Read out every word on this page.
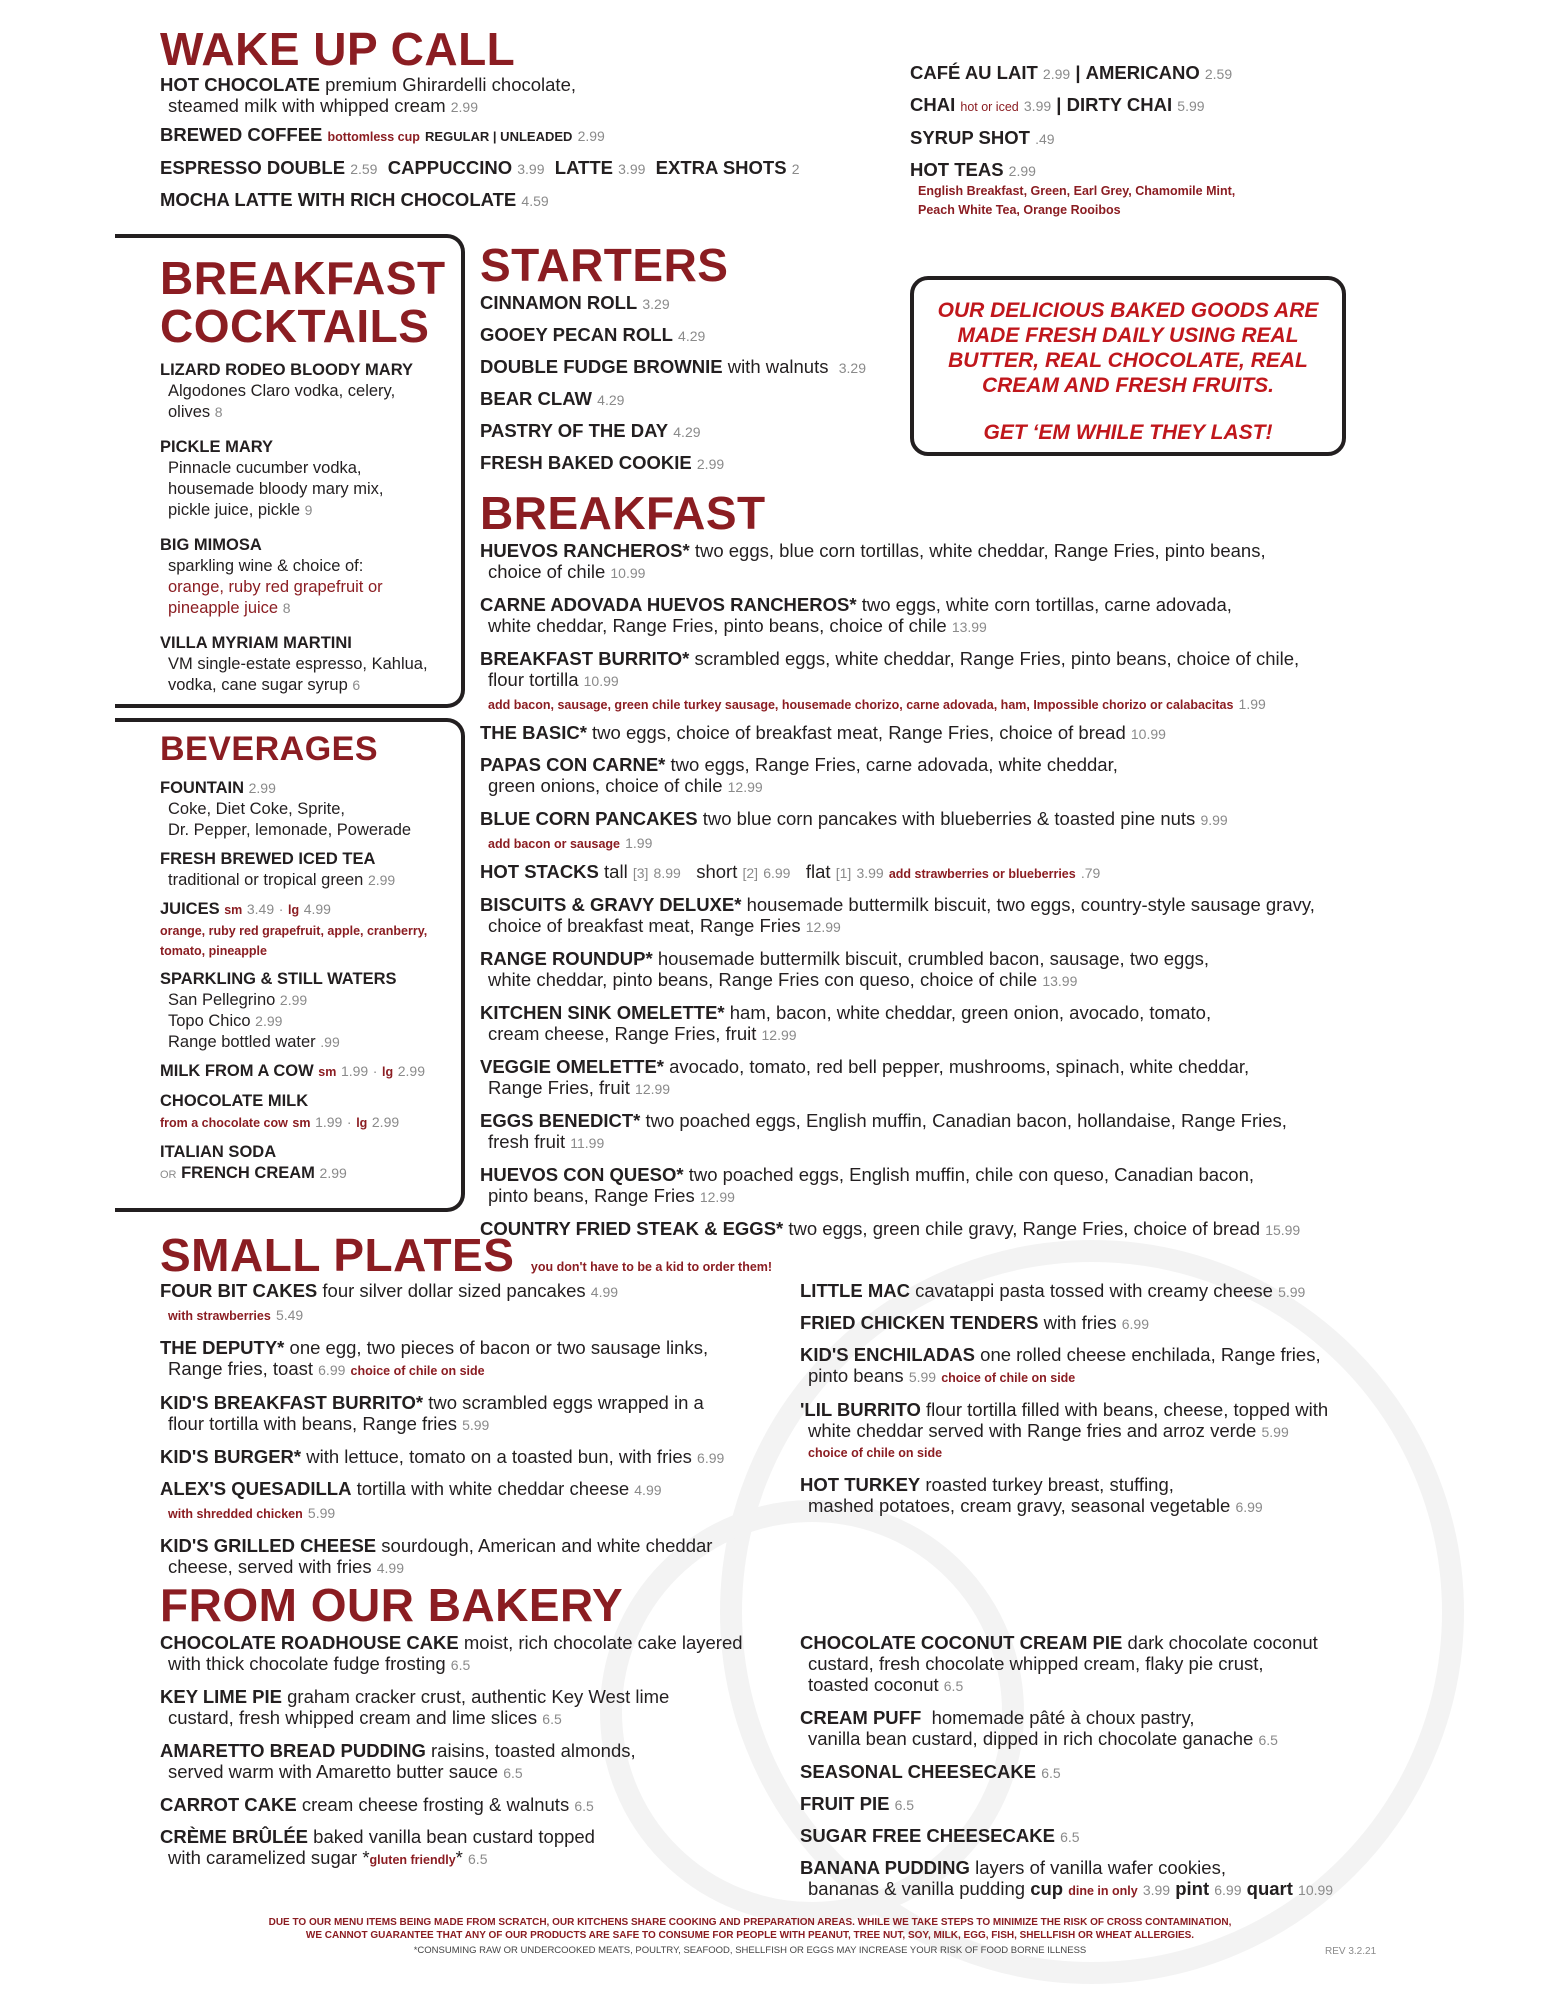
WAKE UP CALL
HOT CHOCOLATE premium Ghirardelli chocolate,
steamed milk with whipped cream 2.99
BREWED COFFEE bottomless cup REGULAR | UNLEADED 2.99
ESPRESSO DOUBLE 2.59 CAPPUCCINO 3.99 LATTE 3.99 EXTRA SHOTS 2
MOCHA LATTE WITH RICH CHOCOLATE 4.59
CAFÉ AU LAIT 2.99 | AMERICANO 2.59
CHAI hot or iced 3.99 | DIRTY CHAI 5.99
SYRUP SHOT .49
HOT TEAS 2.99
English Breakfast, Green, Earl Grey, Chamomile Mint,
Peach White Tea, Orange Rooibos
BREAKFAST
COCKTAILS
LIZARD RODEO BLOODY MARY
Algodones Claro vodka, celery,
olives 8
PICKLE MARY
Pinnacle cucumber vodka,
housemade bloody mary mix,
pickle juice, pickle 9
BIG MIMOSA
sparkling wine & choice of:
orange, ruby red grapefruit or
pineapple juice 8
VILLA MYRIAM MARTINI
VM single-estate espresso, Kahlua,
vodka, cane sugar syrup 6
BEVERAGES
FOUNTAIN 2.99
Coke, Diet Coke, Sprite,
Dr. Pepper, lemonade, Powerade
FRESH BREWED ICED TEA
traditional or tropical green 2.99
JUICES sm 3.49 · lg 4.99
orange, ruby red grapefruit, apple, cranberry,
tomato, pineapple
SPARKLING & STILL WATERS
San Pellegrino 2.99
Topo Chico 2.99
Range bottled water .99
MILK FROM A COW sm 1.99 · lg 2.99
CHOCOLATE MILK
from a chocolate cow sm 1.99 · lg 2.99
ITALIAN SODA
OR FRENCH CREAM 2.99
STARTERS
CINNAMON ROLL 3.29
GOOEY PECAN ROLL 4.29
DOUBLE FUDGE BROWNIE with walnuts 3.29
BEAR CLAW 4.29
PASTRY OF THE DAY 4.29
FRESH BAKED COOKIE 2.99
OUR DELICIOUS BAKED GOODS ARE
MADE FRESH DAILY USING REAL
BUTTER, REAL CHOCOLATE, REAL
CREAM AND FRESH FRUITS.
GET ‘EM WHILE THEY LAST!
BREAKFAST
HUEVOS RANCHEROS* two eggs, blue corn tortillas, white cheddar, Range Fries, pinto beans,
choice of chile 10.99
CARNE ADOVADA HUEVOS RANCHEROS* two eggs, white corn tortillas, carne adovada,
white cheddar, Range Fries, pinto beans, choice of chile 13.99
BREAKFAST BURRITO* scrambled eggs, white cheddar, Range Fries, pinto beans, choice of chile,
flour tortilla 10.99
add bacon, sausage, green chile turkey sausage, housemade chorizo, carne adovada, ham, Impossible chorizo or calabacitas 1.99
THE BASIC* two eggs, choice of breakfast meat, Range Fries, choice of bread 10.99
PAPAS CON CARNE* two eggs, Range Fries, carne adovada, white cheddar,
green onions, choice of chile 12.99
BLUE CORN PANCAKES two blue corn pancakes with blueberries & toasted pine nuts 9.99
add bacon or sausage 1.99
HOT STACKS tall [3] 8.99 short [2] 6.99 flat [1] 3.99 add strawberries or blueberries .79
BISCUITS & GRAVY DELUXE* housemade buttermilk biscuit, two eggs, country-style sausage gravy,
choice of breakfast meat, Range Fries 12.99
RANGE ROUNDUP* housemade buttermilk biscuit, crumbled bacon, sausage, two eggs,
white cheddar, pinto beans, Range Fries con queso, choice of chile 13.99
KITCHEN SINK OMELETTE* ham, bacon, white cheddar, green onion, avocado, tomato,
cream cheese, Range Fries, fruit 12.99
VEGGIE OMELETTE* avocado, tomato, red bell pepper, mushrooms, spinach, white cheddar,
Range Fries, fruit 12.99
EGGS BENEDICT* two poached eggs, English muffin, Canadian bacon, hollandaise, Range Fries,
fresh fruit 11.99
HUEVOS CON QUESO* two poached eggs, English muffin, chile con queso, Canadian bacon,
pinto beans, Range Fries 12.99
COUNTRY FRIED STEAK & EGGS* two eggs, green chile gravy, Range Fries, choice of bread 15.99
SMALL PLATES you don't have to be a kid to order them!
FOUR BIT CAKES four silver dollar sized pancakes 4.99
with strawberries 5.49
THE DEPUTY* one egg, two pieces of bacon or two sausage links,
Range fries, toast 6.99 choice of chile on side
KID'S BREAKFAST BURRITO* two scrambled eggs wrapped in a
flour tortilla with beans, Range fries 5.99
KID'S BURGER* with lettuce, tomato on a toasted bun, with fries 6.99
ALEX'S QUESADILLA tortilla with white cheddar cheese 4.99
with shredded chicken 5.99
KID'S GRILLED CHEESE sourdough, American and white cheddar
cheese, served with fries 4.99
LITTLE MAC cavatappi pasta tossed with creamy cheese 5.99
FRIED CHICKEN TENDERS with fries 6.99
KID'S ENCHILADAS one rolled cheese enchilada, Range fries,
pinto beans 5.99 choice of chile on side
'LIL BURRITO flour tortilla filled with beans, cheese, topped with
white cheddar served with Range fries and arroz verde 5.99
choice of chile on side
HOT TURKEY roasted turkey breast, stuffing,
mashed potatoes, cream gravy, seasonal vegetable 6.99
FROM OUR BAKERY
CHOCOLATE ROADHOUSE CAKE moist, rich chocolate cake layered
with thick chocolate fudge frosting 6.5
KEY LIME PIE graham cracker crust, authentic Key West lime
custard, fresh whipped cream and lime slices 6.5
AMARETTO BREAD PUDDING raisins, toasted almonds,
served warm with Amaretto butter sauce 6.5
CARROT CAKE cream cheese frosting & walnuts 6.5
CRÈME BRÛLÉE baked vanilla bean custard topped
with caramelized sugar *gluten friendly* 6.5
CHOCOLATE COCONUT CREAM PIE dark chocolate coconut
custard, fresh chocolate whipped cream, flaky pie crust,
toasted coconut 6.5
CREAM PUFF homemade pâté à choux pastry,
vanilla bean custard, dipped in rich chocolate ganache 6.5
SEASONAL CHEESECAKE 6.5
FRUIT PIE 6.5
SUGAR FREE CHEESECAKE 6.5
BANANA PUDDING layers of vanilla wafer cookies,
bananas & vanilla pudding cup dine in only 3.99 pint 6.99 quart 10.99
DUE TO OUR MENU ITEMS BEING MADE FROM SCRATCH, OUR KITCHENS SHARE COOKING AND PREPARATION AREAS. WHILE WE TAKE STEPS TO MINIMIZE THE RISK OF CROSS CONTAMINATION,
WE CANNOT GUARANTEE THAT ANY OF OUR PRODUCTS ARE SAFE TO CONSUME FOR PEOPLE WITH PEANUT, TREE NUT, SOY, MILK, EGG, FISH, SHELLFISH OR WHEAT ALLERGIES.
*CONSUMING RAW OR UNDERCOOKED MEATS, POULTRY, SEAFOOD, SHELLFISH OR EGGS MAY INCREASE YOUR RISK OF FOOD BORNE ILLNESS	REV 3.2.21
